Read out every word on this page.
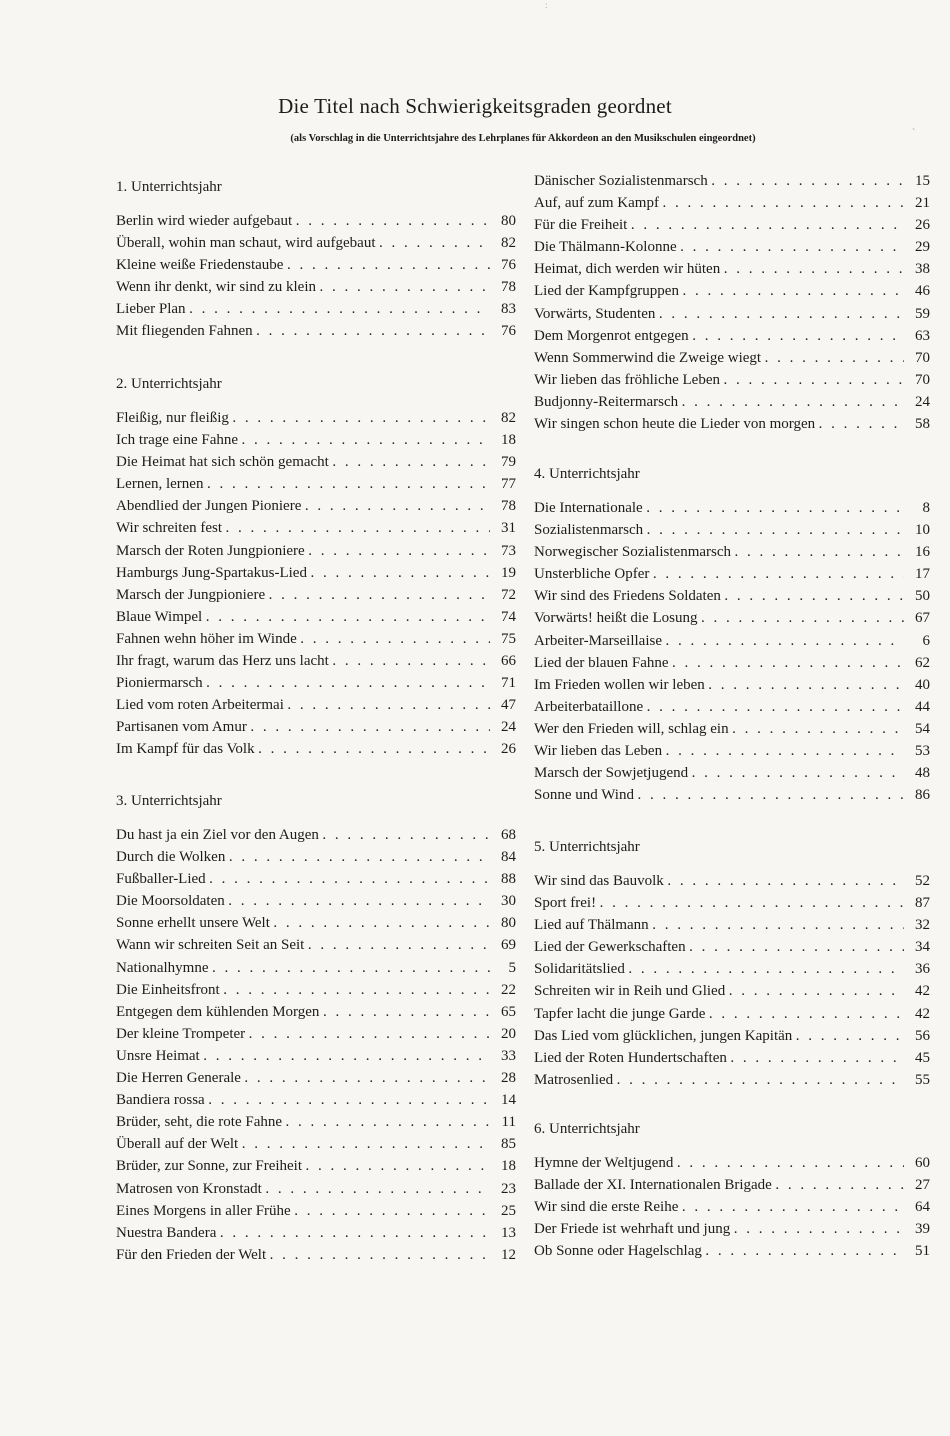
:
Die Titel nach Schwierigkeitsgraden geordnet
(als Vorschlag in die Unterrichtsjahre des Lehrplanes für Akkordeon an den Musikschulen eingeordnet)	`
1. Unterrichtsjahr
Berlin wird wieder aufgebaut . . .	80
Überall, wohin man schaut, wird aufgebaut . . .	82
Kleine weiße Friedenstaube . . .	76
Wenn ihr denkt, wir sind zu klein . . .	78
Lieber Plan . . .	83
Mit fliegenden Fahnen . . .	76
2. Unterrichtsjahr
Fleißig, nur fleißig . . .	82
Ich trage eine Fahne . . .	18
Die Heimat hat sich schön gemacht . . .	79
Lernen, lernen . . .	77
Abendlied der Jungen Pioniere . . .	78
Wir schreiten fest . . .	31
Marsch der Roten Jungpioniere . . .	73
Hamburgs Jung-Spartakus-Lied . . .	19
Marsch der Jungpioniere . . .	72
Blaue Wimpel . . .	74
Fahnen wehn höher im Winde . . .	75
Ihr fragt, warum das Herz uns lacht . . .	66
Pioniermarsch . . .	71
Lied vom roten Arbeitermai . . .	47
Partisanen vom Amur . . .	24
Im Kampf für das Volk . . .	26
3. Unterrichtsjahr
Du hast ja ein Ziel vor den Augen . . .	68
Durch die Wolken . . .	84
Fußballer-Lied . . .	88
Die Moorsoldaten . . .	30
Sonne erhellt unsere Welt . . .	80
Wann wir schreiten Seit an Seit . . .	69
Nationalhymne . . .	5
Die Einheitsfront . . .	22
Entgegen dem kühlenden Morgen . . .	65
Der kleine Trompeter . . .	20
Unsre Heimat . . .	33
Die Herren Generale . . .	28
Bandiera rossa . . .	14
Brüder, seht, die rote Fahne . . .	11
Überall auf der Welt . . .	85
Brüder, zur Sonne, zur Freiheit . . .	18
Matrosen von Kronstadt . . .	23
Eines Morgens in aller Frühe . . .	25
Nuestra Bandera . . .	13
Für den Frieden der Welt . . .	12
Dänischer Sozialistenmarsch . . .	15
Auf, auf zum Kampf . . .	21
Für die Freiheit . . .	26
Die Thälmann-Kolonne . . .	29
Heimat, dich werden wir hüten . . .	38
Lied der Kampfgruppen . . .	46
Vorwärts, Studenten . . .	59
Dem Morgenrot entgegen . . .	63
Wenn Sommerwind die Zweige wiegt . . .	70
Wir lieben das fröhliche Leben . . .	70
Budjonny-Reitermarsch . . .	24
Wir singen schon heute die Lieder von morgen . . .	58
4. Unterrichtsjahr
Die Internationale . . .	8
Sozialistenmarsch . . .	10
Norwegischer Sozialistenmarsch . . .	16
Unsterbliche Opfer . . .	17
Wir sind des Friedens Soldaten . . .	50
Vorwärts! heißt die Losung . . .	67
Arbeiter-Marseillaise . . .	6
Lied der blauen Fahne . . .	62
Im Frieden wollen wir leben . . .	40
Arbeiterbataillone . . .	44
Wer den Frieden will, schlag ein . . .	54
Wir lieben das Leben . . .	53
Marsch der Sowjetjugend . . .	48
Sonne und Wind . . .	86
5. Unterrichtsjahr
Wir sind das Bauvolk . . .	52
Sport frei! . . .	87
Lied auf Thälmann . . .	32
Lied der Gewerkschaften . . .	34
Solidaritätslied . . .	36
Schreiten wir in Reih und Glied . . .	42
Tapfer lacht die junge Garde . . .	42
Das Lied vom glücklichen, jungen Kapitän . . .	56
Lied der Roten Hundertschaften . . .	45
Matrosenlied . . .	55
6. Unterrichtsjahr
Hymne der Weltjugend . . .	60
Ballade der XI. Internationalen Brigade . . .	27
Wir sind die erste Reihe . . .	64
Der Friede ist wehrhaft und jung . . .	39
Ob Sonne oder Hagelschlag . . .	51
